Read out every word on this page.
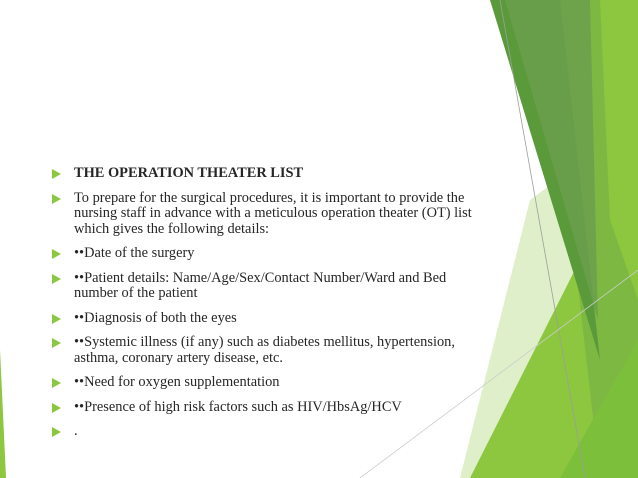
THE OPERATION THEATER LIST
To prepare for the surgical procedures, it is important to provide the nursing staff in advance with a meticulous operation theater (OT) list which gives the following details:
••Date of the surgery
••Patient details: Name/Age/Sex/Contact Number/Ward and Bed number of the patient
••Diagnosis of both the eyes
••Systemic illness (if any) such as diabetes mellitus, hypertension, asthma, coronary artery disease, etc.
••Need for oxygen supplementation
••Presence of high risk factors such as HIV/HbsAg/HCV
.
